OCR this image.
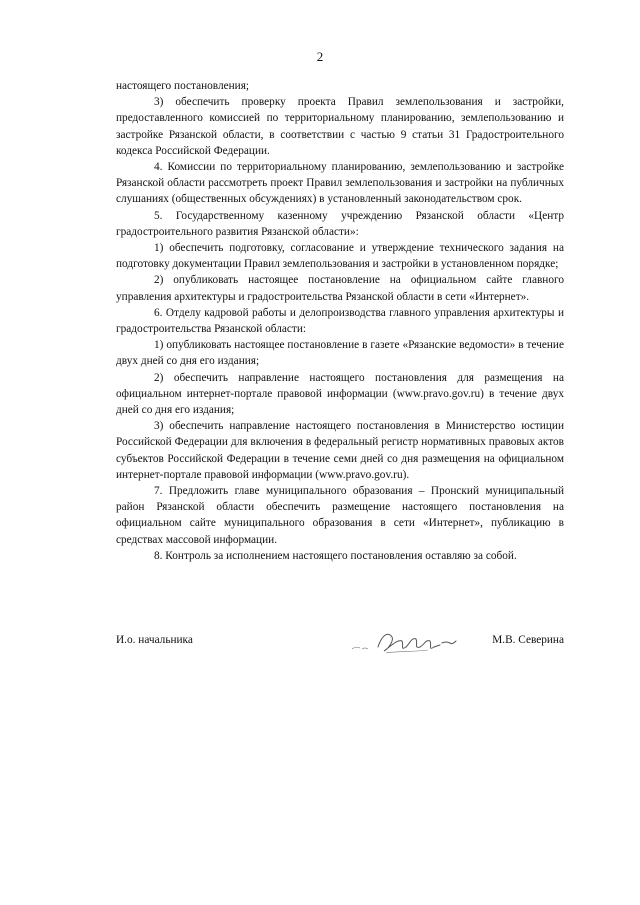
2

настоящего постановления;

3) обеспечить проверку проекта Правил землепользования и застройки, предоставленного комиссией по территориальному планированию, землепользованию и застройке Рязанской области, в соответствии с частью 9 статьи 31 Градостроительного кодекса Российской Федерации.

4. Комиссии по территориальному планированию, землепользованию и застройке Рязанской области рассмотреть проект Правил землепользования и застройки на публичных слушаниях (общественных обсуждениях) в установленный законодательством срок.

5. Государственному казенному учреждению Рязанской области «Центр градостроительного развития Рязанской области»:

1) обеспечить подготовку, согласование и утверждение технического задания на подготовку документации Правил землепользования и застройки в установленном порядке;

2) опубликовать настоящее постановление на официальном сайте главного управления архитектуры и градостроительства Рязанской области в сети «Интернет».

6. Отделу кадровой работы и делопроизводства главного управления архитектуры и градостроительства Рязанской области:

1) опубликовать настоящее постановление в газете «Рязанские ведомости» в течение двух дней со дня его издания;

2) обеспечить направление настоящего постановления для размещения на официальном интернет-портале правовой информации (www.pravo.gov.ru) в течение двух дней со дня его издания;

3) обеспечить направление настоящего постановления в Министерство юстиции Российской Федерации для включения в федеральный регистр нормативных правовых актов субъектов Российской Федерации в течение семи дней со дня размещения на официальном интернет-портале правовой информации (www.pravo.gov.ru).

7. Предложить главе муниципального образования – Пронский муниципальный район Рязанской области обеспечить размещение настоящего постановления на официальном сайте муниципального образования в сети «Интернет», публикацию в средствах массовой информации.

8. Контроль за исполнением настоящего постановления оставляю за собой.

И.о. начальника	М.В. Северина
